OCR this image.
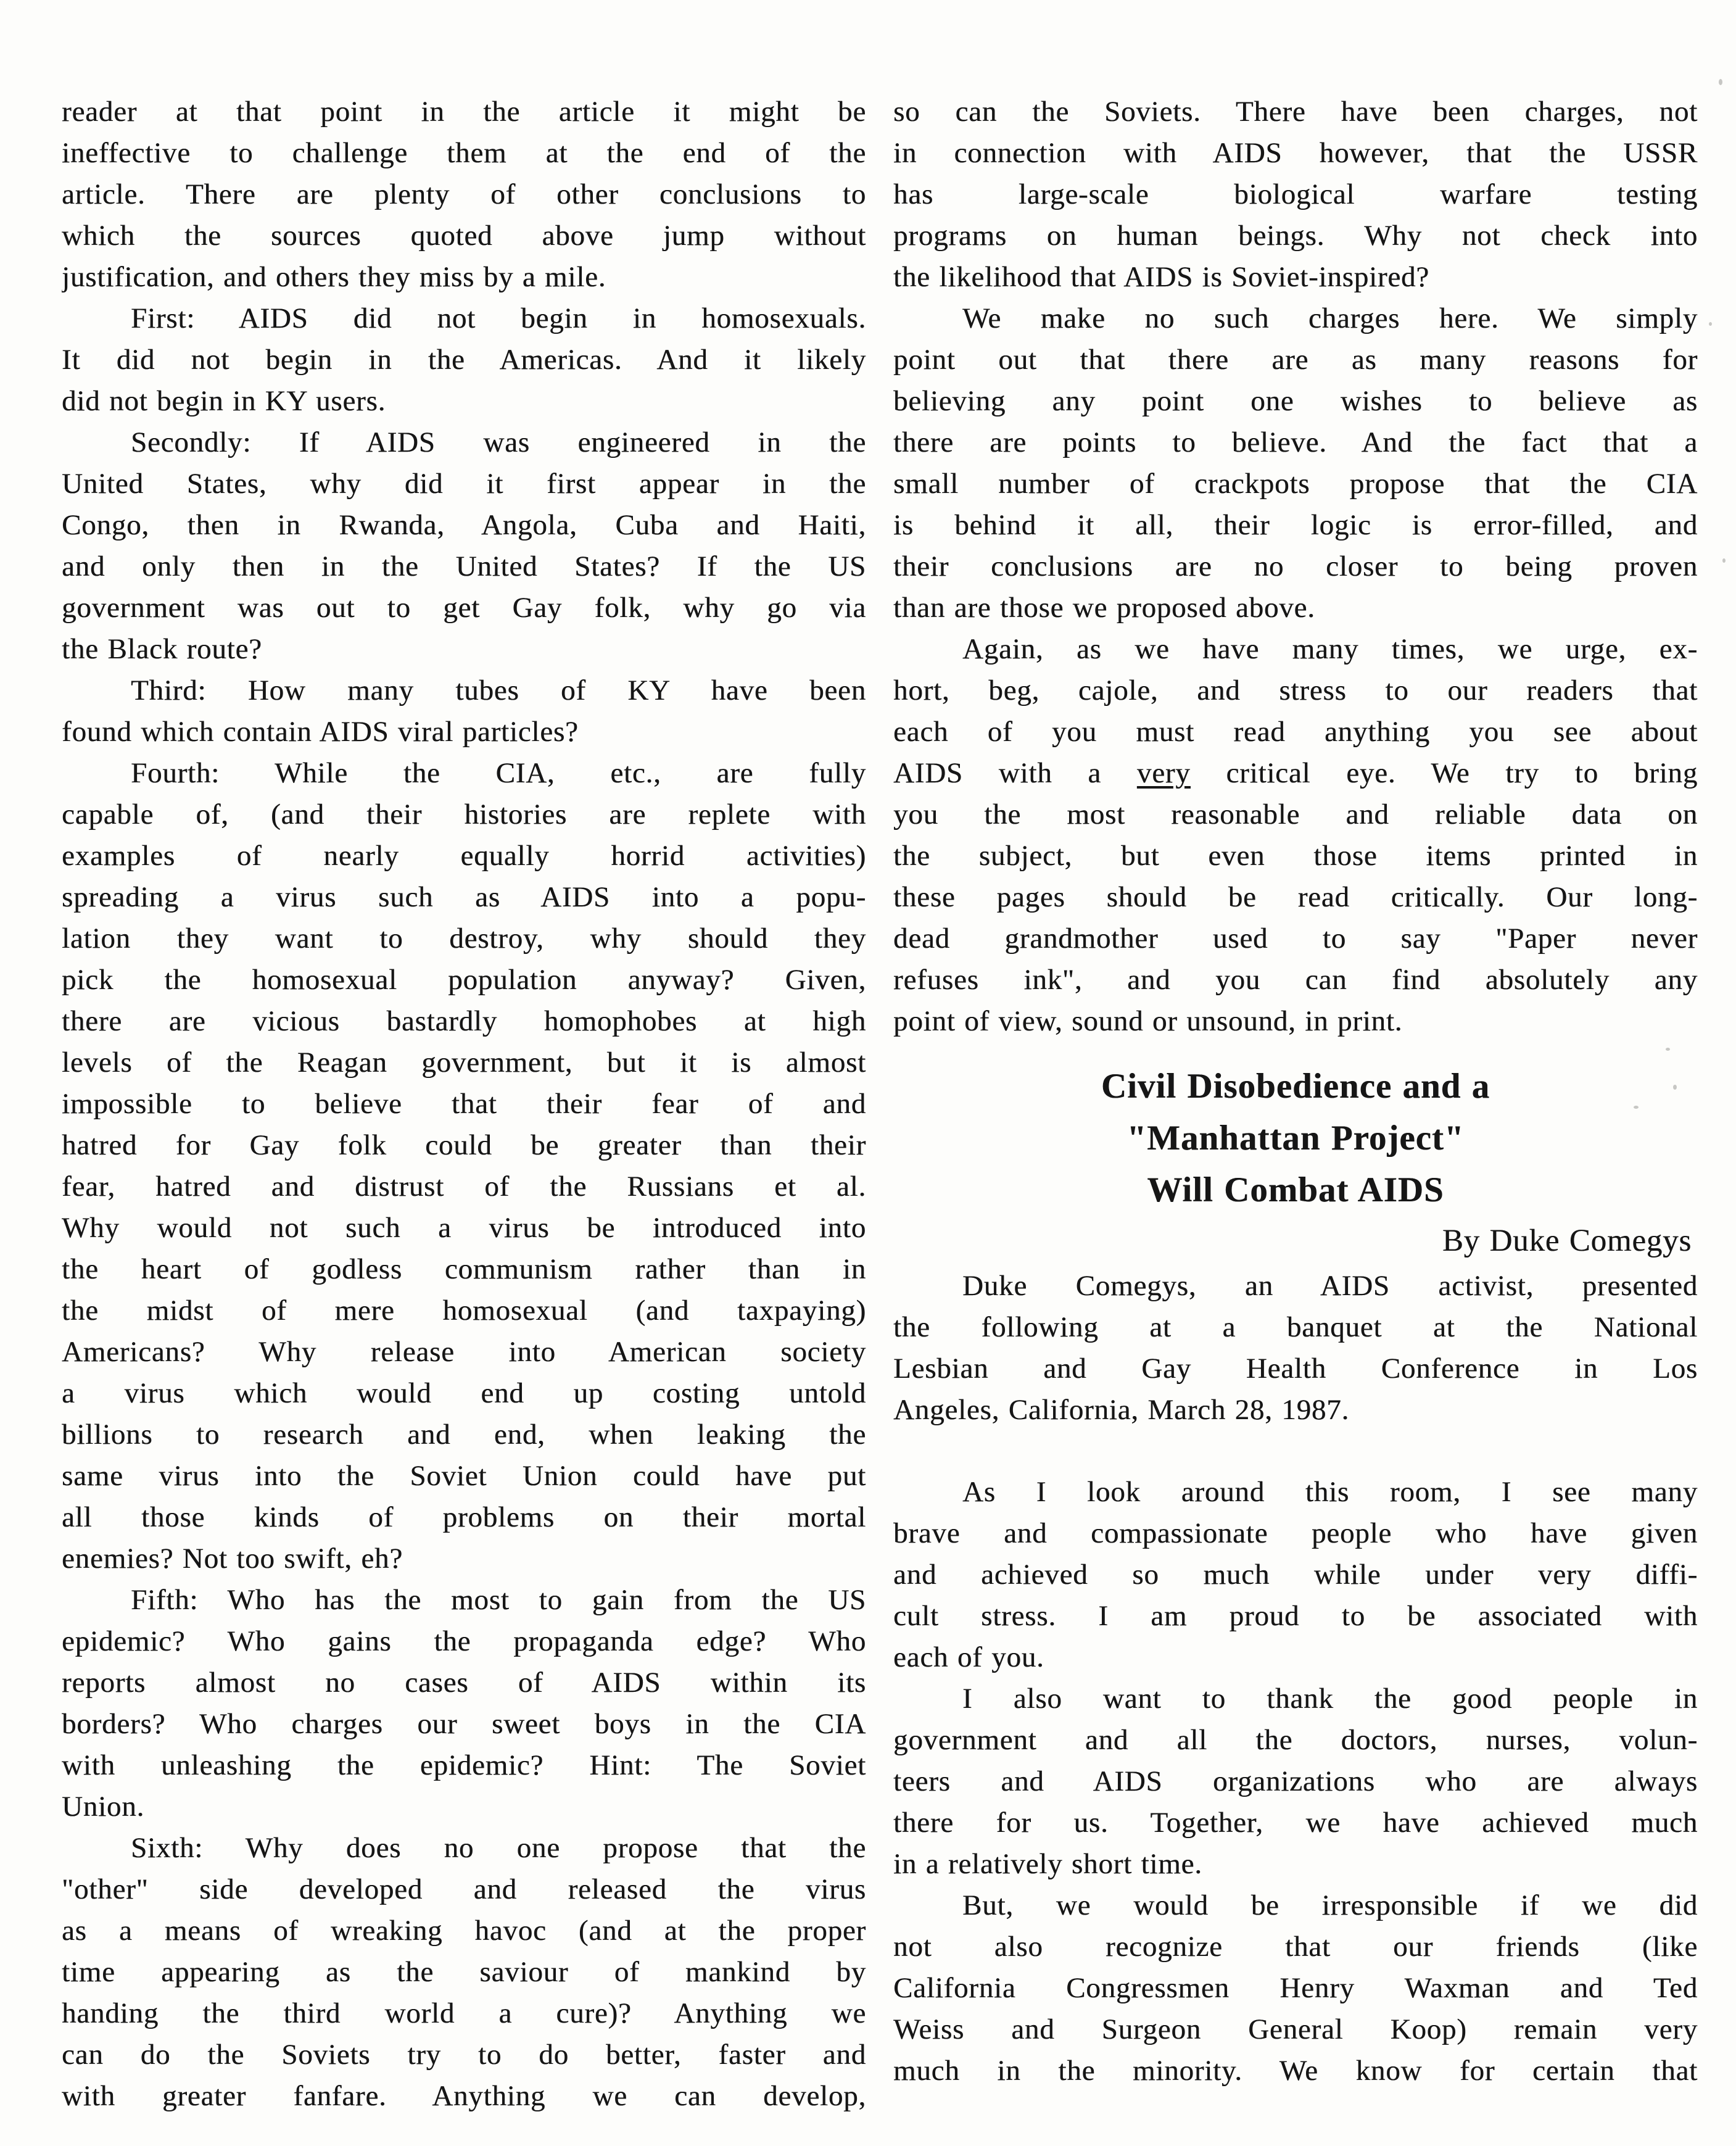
reader at that point in the article it might be
ineffective to challenge them at the end of the
article. There are plenty of other conclusions to
which the sources quoted above jump without
justification, and others they miss by a mile.
First: AIDS did not begin in homosexuals.
It did not begin in the Americas. And it likely
did not begin in KY users.
Secondly: If AIDS was engineered in the
United States, why did it first appear in the
Congo, then in Rwanda, Angola, Cuba and Haiti,
and only then in the United States? If the US
government was out to get Gay folk, why go via
the Black route?
Third: How many tubes of KY have been
found which contain AIDS viral particles?
Fourth: While the CIA, etc., are fully
capable of, (and their histories are replete with
examples of nearly equally horrid activities)
spreading a virus such as AIDS into a popu-
lation they want to destroy, why should they
pick the homosexual population anyway? Given,
there are vicious bastardly homophobes at high
levels of the Reagan government, but it is almost
impossible to believe that their fear of and
hatred for Gay folk could be greater than their
fear, hatred and distrust of the Russians et al.
Why would not such a virus be introduced into
the heart of godless communism rather than in
the midst of mere homosexual (and taxpaying)
Americans? Why release into American society
a virus which would end up costing untold
billions to research and end, when leaking the
same virus into the Soviet Union could have put
all those kinds of problems on their mortal
enemies? Not too swift, eh?
Fifth: Who has the most to gain from the US
epidemic? Who gains the propaganda edge? Who
reports almost no cases of AIDS within its
borders? Who charges our sweet boys in the CIA
with unleashing the epidemic? Hint: The Soviet
Union.
Sixth: Why does no one propose that the
"other" side developed and released the virus
as a means of wreaking havoc (and at the proper
time appearing as the saviour of mankind by
handing the third world a cure)? Anything we
can do the Soviets try to do better, faster and
with greater fanfare. Anything we can develop,
so can the Soviets. There have been charges, not
in connection with AIDS however, that the USSR
has large-scale biological warfare testing
programs on human beings. Why not check into
the likelihood that AIDS is Soviet-inspired?
We make no such charges here. We simply
point out that there are as many reasons for
believing any point one wishes to believe as
there are points to believe. And the fact that a
small number of crackpots propose that the CIA
is behind it all, their logic is error-filled, and
their conclusions are no closer to being proven
than are those we proposed above.
Again, as we have many times, we urge, ex-
hort, beg, cajole, and stress to our readers that
each of you must read anything you see about
AIDS with a very critical eye. We try to bring
you the most reasonable and reliable data on
the subject, but even those items printed in
these pages should be read critically. Our long-
dead grandmother used to say "Paper never
refuses ink", and you can find absolutely any
point of view, sound or unsound, in print.
Civil Disobedience and a
"Manhattan Project"
Will Combat AIDS
By Duke Comegys
Duke Comegys, an AIDS activist, presented
the following at a banquet at the National
Lesbian and Gay Health Conference in Los
Angeles, California, March 28, 1987.
As I look around this room, I see many
brave and compassionate people who have given
and achieved so much while under very diffi-
cult stress. I am proud to be associated with
each of you.
I also want to thank the good people in
government and all the doctors, nurses, volun-
teers and AIDS organizations who are always
there for us. Together, we have achieved much
in a relatively short time.
But, we would be irresponsible if we did
not also recognize that our friends (like
California Congressmen Henry Waxman and Ted
Weiss and Surgeon General Koop) remain very
much in the minority. We know for certain that
